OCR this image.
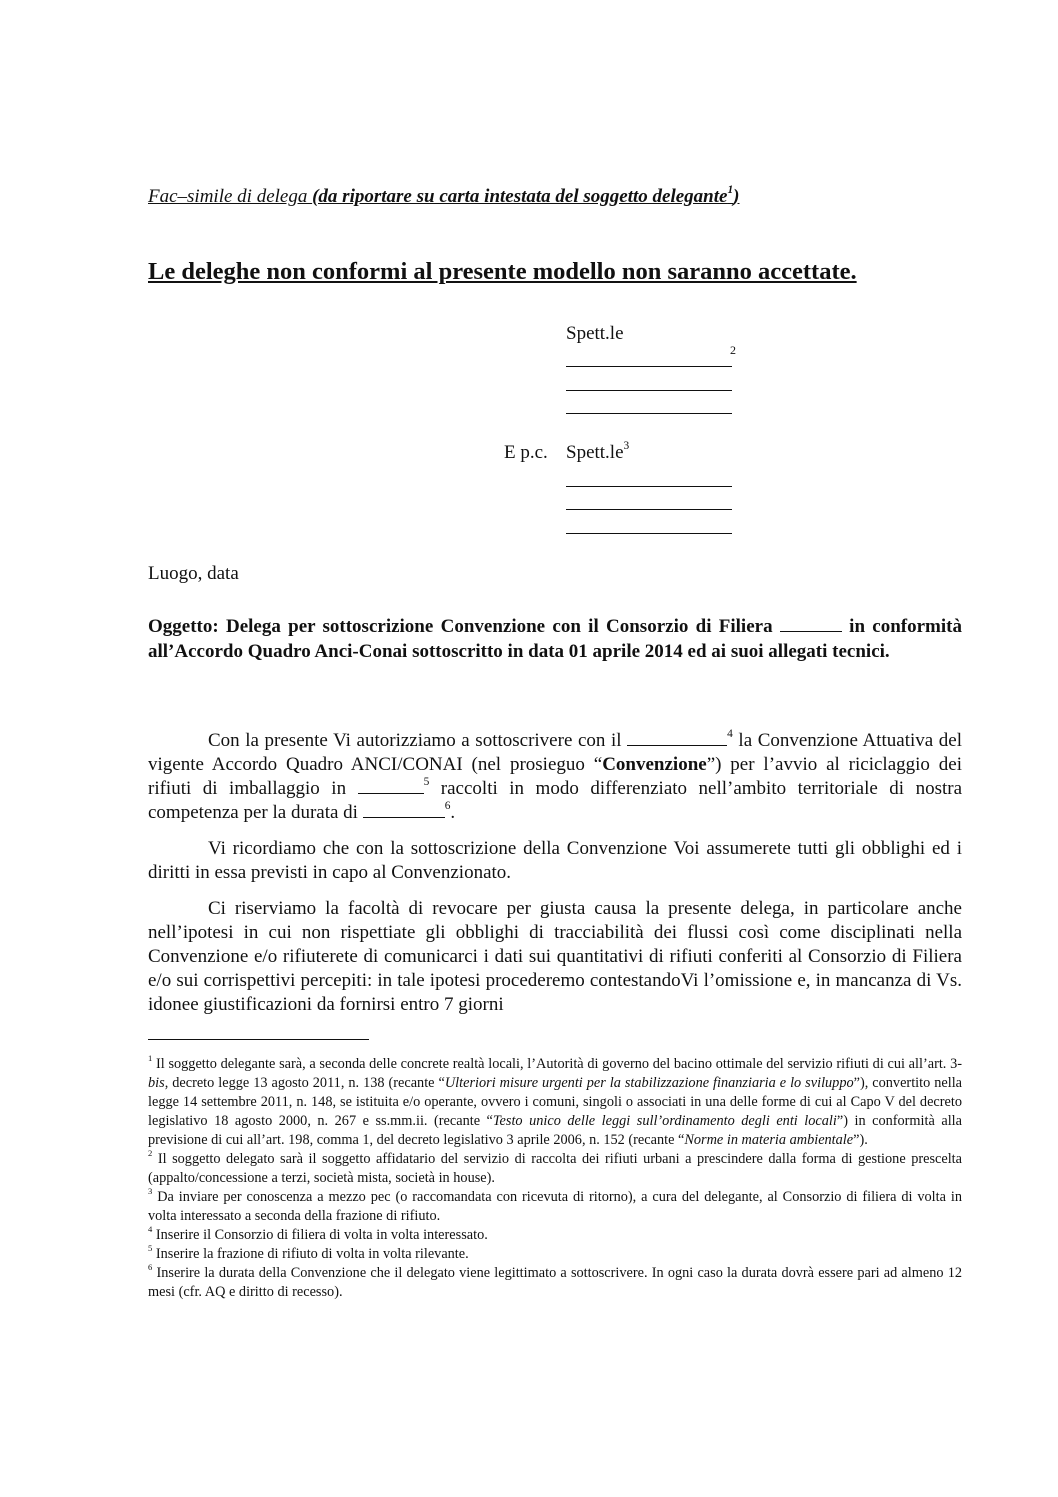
Fac–simile di delega (da riportare su carta intestata del soggetto delegante$^1$)
Le deleghe non conformi al presente modello non saranno accettate.
Spett.le
2
E p.c. $Spett.le^3$
Luogo, data
Oggetto: Delega per sottoscrizione Convenzione con il Consorzio di Filiera	in conformità all’Accordo Quadro Anci-Conai sottoscritto in data 01 aprile 2014 ed ai suoi allegati tecnici.

Con la presente Vi autorizziamo a sottoscrivere con il	$^4$ la Convenzione Attuativa del vigente Accordo Quadro ANCI/CONAI (nel prosieguo “Convenzione”) per l’avvio al riciclaggio dei rifiuti di imballaggio in	$^5$ raccolti in modo differenziato nell’ambito territoriale di nostra competenza per la durata di	$^6$.

Vi ricordiamo che con la sottoscrizione della Convenzione Voi assumerete tutti gli obblighi ed i diritti in essa previsti in capo al Convenzionato.

Ci riserviamo la facoltà di revocare per giusta causa la presente delega, in particolare anche nell’ipotesi in cui non rispettiate gli obblighi di tracciabilità dei flussi così come disciplinati nella Convenzione e/o rifiuterete di comunicarci i dati sui quantitativi di rifiuti conferiti al Consorzio di Filiera e/o sui corrispettivi percepiti: in tale ipotesi procederemo contestandoVi l’omissione e, in mancanza di Vs. idonee giustificazioni da fornirsi entro 7 giorni

$^1$ Il soggetto delegante sarà, a seconda delle concrete realtà locali, l’Autorità di governo del bacino ottimale del servizio rifiuti di cui all’art. 3-bis, decreto legge 13 agosto 2011, n. 138 (recante “Ulteriori misure urgenti per la stabilizzazione finanziaria e lo sviluppo”), convertito nella legge 14 settembre 2011, n. 148, se istituita e/o operante, ovvero i comuni, singoli o associati in una delle forme di cui al Capo V del decreto legislativo 18 agosto 2000, n. 267 e ss.mm.ii. (recante “Testo unico delle leggi sull’ordinamento degli enti locali”) in conformità alla previsione di cui all’art. 198, comma 1, del decreto legislativo 3 aprile 2006, n. 152 (recante “Norme in materia ambientale”).

$^2$ Il soggetto delegato sarà il soggetto affidatario del servizio di raccolta dei rifiuti urbani a prescindere dalla forma di gestione prescelta (appalto/concessione a terzi, società mista, società in house).

$^3$ Da inviare per conoscenza a mezzo pec (o raccomandata con ricevuta di ritorno), a cura del delegante, al Consorzio di filiera di volta in volta interessato a seconda della frazione di rifiuto.

$^4$ Inserire il Consorzio di filiera di volta in volta interessato.

$^5$ Inserire la frazione di rifiuto di volta in volta rilevante.

$^6$ Inserire la durata della Convenzione che il delegato viene legittimato a sottoscrivere. In ogni caso la durata dovrà essere pari ad almeno 12 mesi (cfr. AQ e diritto di recesso).
